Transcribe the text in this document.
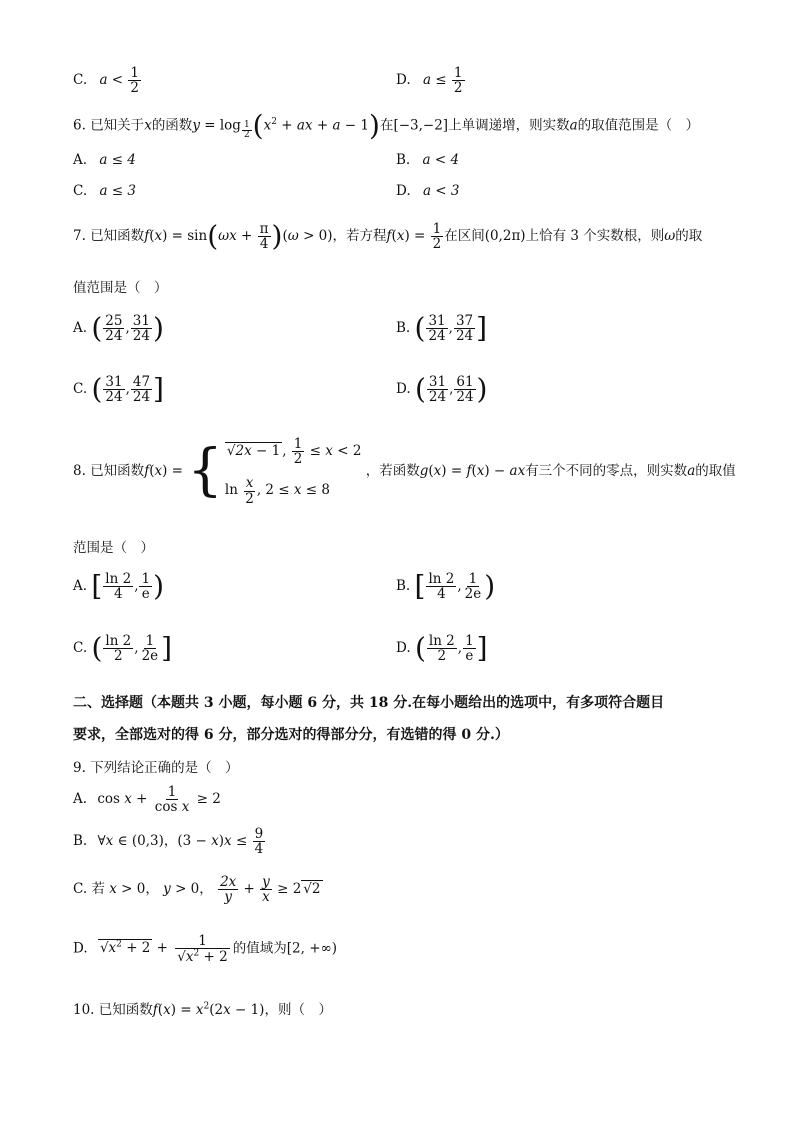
C. $a < \frac{1}{2}$	D. $a \le \frac{1}{2}$
6. 已知关于x的函数y = log $_{\frac{1}{2}}$ ($x^2$ + ax + a − 1)在[−3,−2]上单调递增，则实数a的取值范围是（　）
A. a ≤ 4	B. a < 4
C. a ≤ 3	D. a < 3
7. 已知函数$f(x) = \sin(\omega x + \frac{\pi}{4} )(\omega > 0)$，若方程$f(x) = \frac{1}{2}$ 在区间(0,2π)上恰有 3 个实数根，则ω的取
值范围是（　）
A. ( $\frac{25}{24}$ , $\frac{31}{24}$ )	B. ( $\frac{31}{24}$ , $\frac{37}{24}$ ]
C. ( $\frac{31}{24}$ , $\frac{47}{24}$ ]	D. ( $\frac{31}{24}$ , $\frac{61}{24}$ )
8. 已知函数f(x) = { √2x − 1 , $\frac{1}{2} \le x < 2$
$\ln \frac{x}{2}$ , 2 ≤ x ≤ 8
，若函数g(x) = f(x) − ax有三个不同的零点，则实数a的取值
范围是（　）
A. [ $\frac{\ln 2}{4}$ , $\frac{1}{e}$ )	B. [ $\frac{\ln 2}{4}$ , $\frac{1}{2e}$ )
C. ( $\frac{\ln 2}{2}$ , $\frac{1}{2e}$ ]	D. ( $\frac{\ln 2}{2}$ , $\frac{1}{e}$ ]
二、选择题（本题共 3 小题，每小题 6 分，共 18 分.在每小题给出的选项中，有多项符合题目
要求，全部选对的得 6 分，部分选对的得部分分，有选错的得 0 分.）
9. 下列结论正确的是（　）
A. $\cos x + \frac{1}{\text{cos x}} \ge 2$
B. ∀x ∈ (0,3)，$(3 - x)x \le \frac{9}{4}$
C. 若 x > 0， y > 0， $\frac{2x}{y} + \frac{y}{x} \ge 2$ √2
D. $√x^2 + 2 + \frac{1}{√x^2 + 2}$ 的值域为[2, +∞)
10. 已知函数$f(x) = x^2(2x - 1)$，则（　）
